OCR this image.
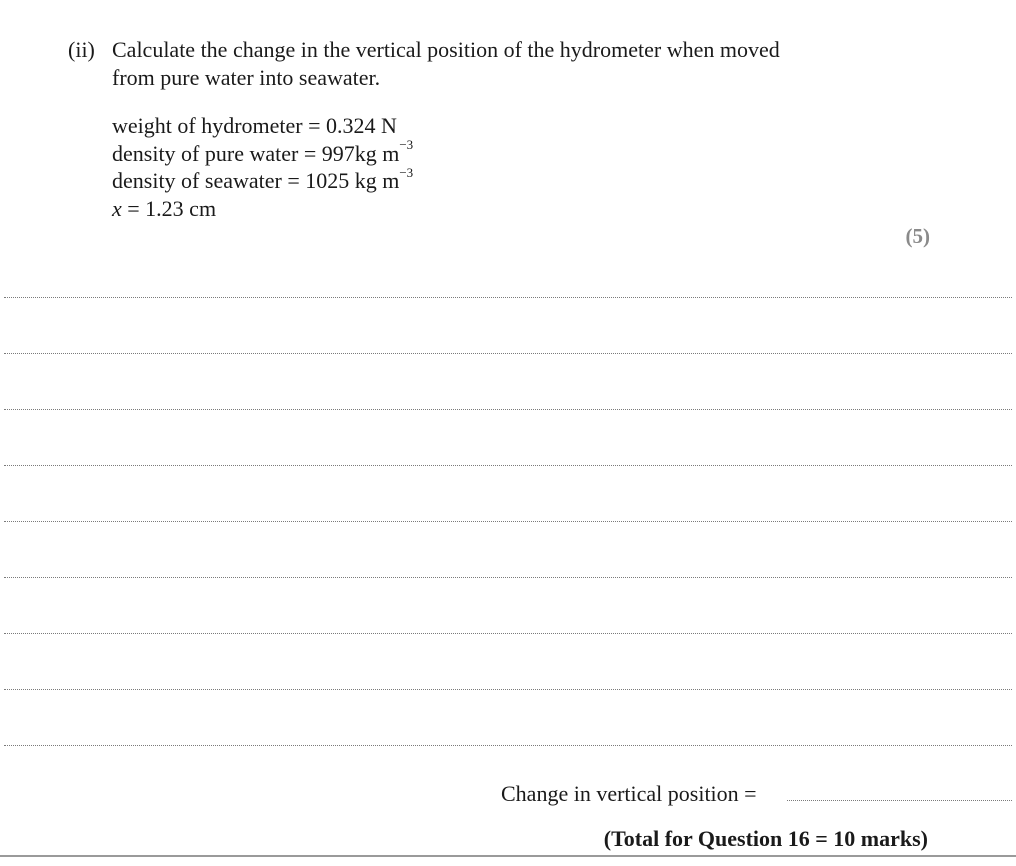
(ii) Calculate the change in the vertical position of the hydrometer when moved
from pure water into seawater.
weight of hydrometer = 0.324 N
density of pure water = 997kg $m^{-3}$
density of seawater = 1025 kg $m^{-3}$
x = 1.23 cm
(5)
Change in vertical position =
(Total for Question 16 = 10 marks)
